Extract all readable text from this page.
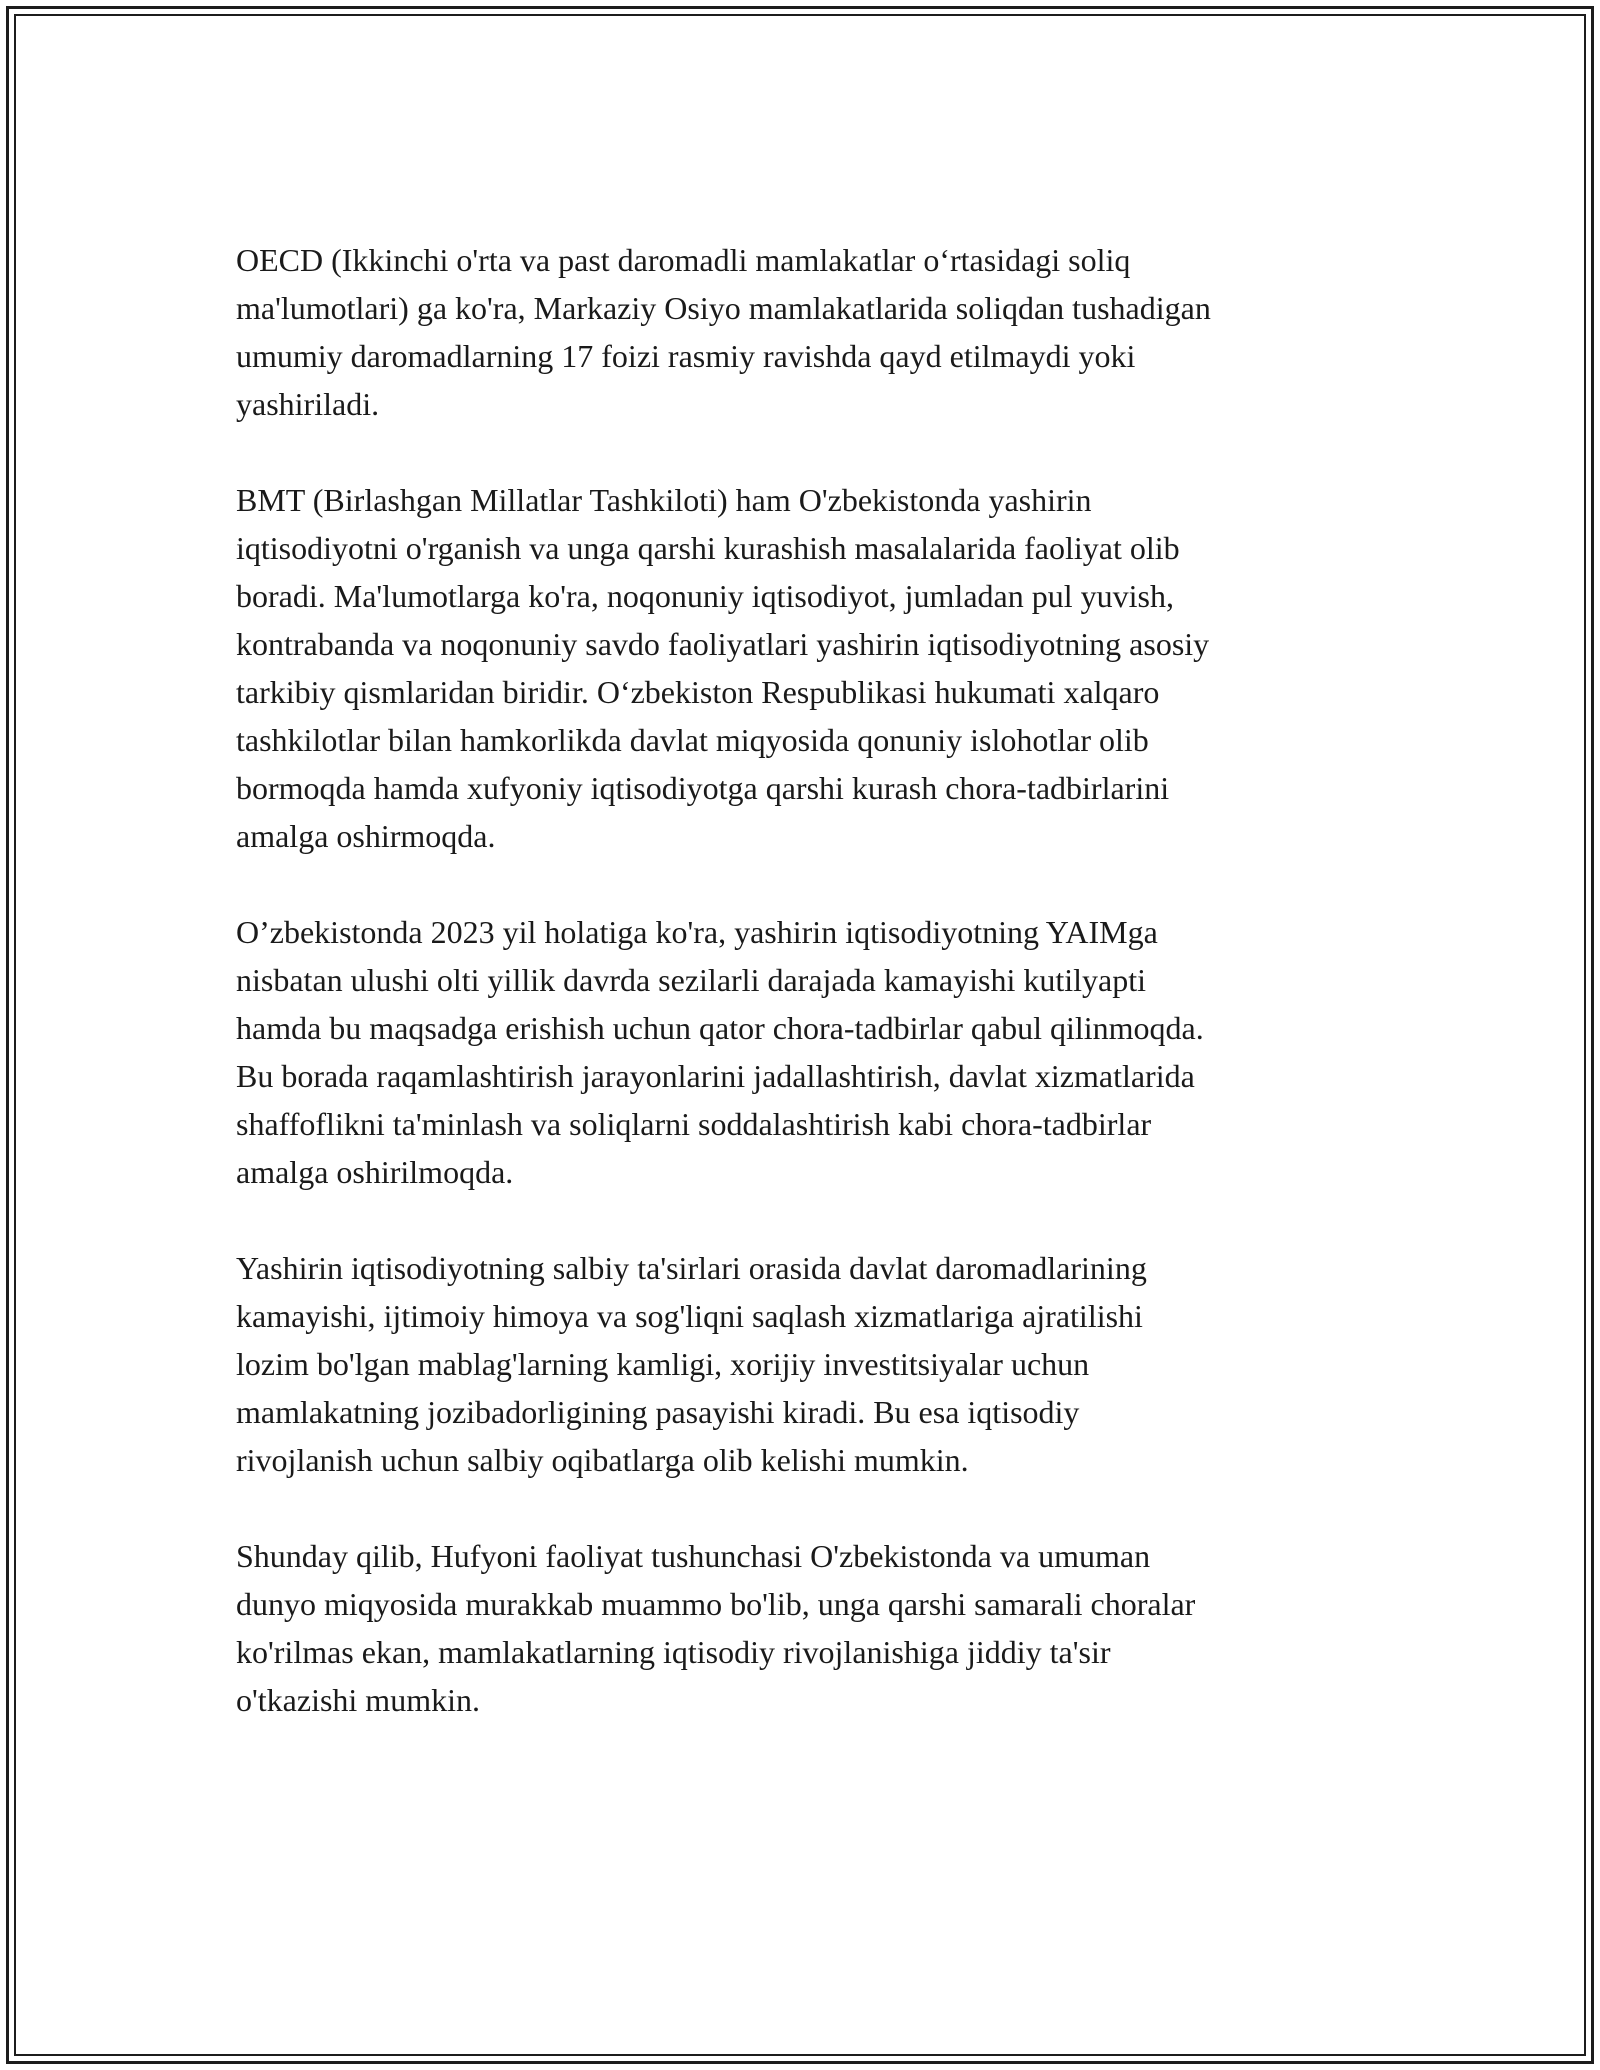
OECD (Ikkinchi o'rta va past daromadli mamlakatlar oʻrtasidagi soliq
ma'lumotlari) ga ko'ra, Markaziy Osiyo mamlakatlarida soliqdan tushadigan
umumiy daromadlarning 17 foizi rasmiy ravishda qayd etilmaydi yoki
yashiriladi.

BMT (Birlashgan Millatlar Tashkiloti) ham O'zbekistonda yashirin
iqtisodiyotni o'rganish va unga qarshi kurashish masalalarida faoliyat olib
boradi. Ma'lumotlarga ko'ra, noqonuniy iqtisodiyot, jumladan pul yuvish,
kontrabanda va noqonuniy savdo faoliyatlari yashirin iqtisodiyotning asosiy
tarkibiy qismlaridan biridir. Oʻzbekiston Respublikasi hukumati xalqaro
tashkilotlar bilan hamkorlikda davlat miqyosida qonuniy islohotlar olib
bormoqda hamda xufyoniy iqtisodiyotga qarshi kurash chora-tadbirlarini
amalga oshirmoqda.

O’zbekistonda 2023 yil holatiga ko'ra, yashirin iqtisodiyotning YAIMga
nisbatan ulushi olti yillik davrda sezilarli darajada kamayishi kutilyapti
hamda bu maqsadga erishish uchun qator chora-tadbirlar qabul qilinmoqda.
Bu borada raqamlashtirish jarayonlarini jadallashtirish, davlat xizmatlarida
shaffoflikni ta'minlash va soliqlarni soddalashtirish kabi chora-tadbirlar
amalga oshirilmoqda.

Yashirin iqtisodiyotning salbiy ta'sirlari orasida davlat daromadlarining
kamayishi, ijtimoiy himoya va sog'liqni saqlash xizmatlariga ajratilishi
lozim bo'lgan mablag'larning kamligi, xorijiy investitsiyalar uchun
mamlakatning jozibadorligining pasayishi kiradi. Bu esa iqtisodiy
rivojlanish uchun salbiy oqibatlarga olib kelishi mumkin.

Shunday qilib, Hufyoni faoliyat tushunchasi O'zbekistonda va umuman
dunyo miqyosida murakkab muammo bo'lib, unga qarshi samarali choralar
ko'rilmas ekan, mamlakatlarning iqtisodiy rivojlanishiga jiddiy ta'sir
o'tkazishi mumkin.
